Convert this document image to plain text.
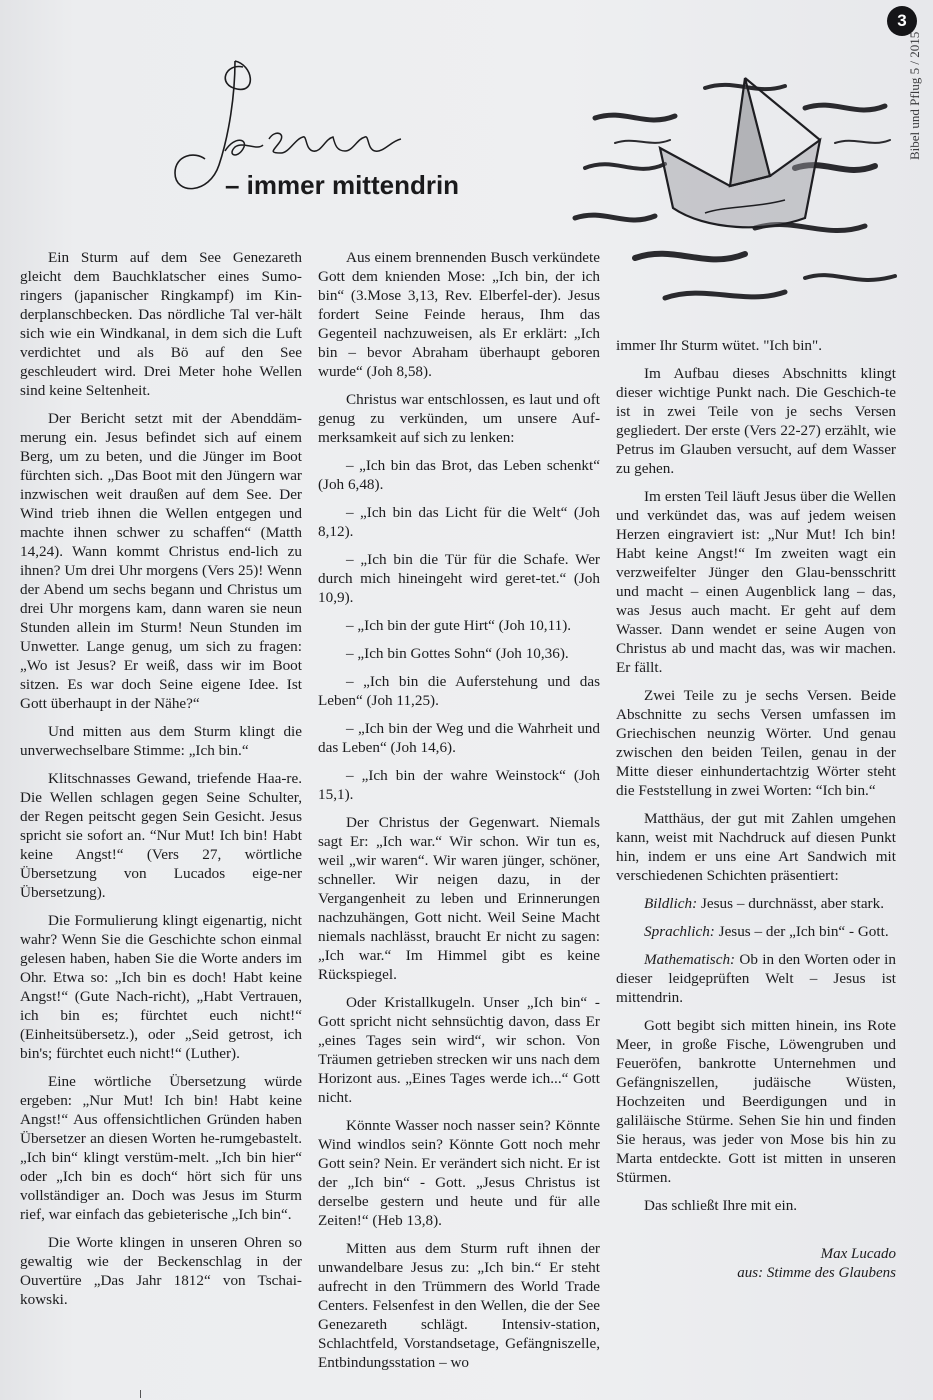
3
Bibel und Pflug 5 / 2015
– immer mittendrin

Ein Sturm auf dem See Genezareth gleicht dem Bauchklatscher eines Sumo-ringers (japanischer Ringkampf) im Kin-derplanschbecken. Das nördliche Tal ver-hält sich wie ein Windkanal, in dem sich die Luft verdichtet und als Bö auf den See geschleudert wird. Drei Meter hohe Wellen sind keine Seltenheit.

Der Bericht setzt mit der Abenddäm-merung ein. Jesus befindet sich auf einem Berg, um zu beten, und die Jünger im Boot fürchten sich. „Das Boot mit den Jüngern war inzwischen weit draußen auf dem See. Der Wind trieb ihnen die Wellen entgegen und machte ihnen schwer zu schaffen“ (Matth 14,24). Wann kommt Christus end-lich zu ihnen? Um drei Uhr morgens (Vers 25)! Wenn der Abend um sechs begann und Christus um drei Uhr morgens kam, dann waren sie neun Stunden allein im Sturm! Neun Stunden im Unwetter. Lange genug, um sich zu fragen: „Wo ist Jesus? Er weiß, dass wir im Boot sitzen. Es war doch Seine eigene Idee. Ist Gott überhaupt in der Nähe?“

Und mitten aus dem Sturm klingt die unverwechselbare Stimme: „Ich bin.“

Klitschnasses Gewand, triefende Haa-re. Die Wellen schlagen gegen Seine Schulter, der Regen peitscht gegen Sein Gesicht. Jesus spricht sie sofort an. “Nur Mut! Ich bin! Habt keine Angst!“ (Vers 27, wörtliche Übersetzung von Lucados eige-ner Übersetzung).

Die Formulierung klingt eigenartig, nicht wahr? Wenn Sie die Geschichte schon einmal gelesen haben, haben Sie die Worte anders im Ohr. Etwa so: „Ich bin es doch! Habt keine Angst!“ (Gute Nach-richt), „Habt Vertrauen, ich bin es; fürchtet euch nicht!“ (Einheitsübersetz.), oder „Seid getrost, ich bin's; fürchtet euch nicht!“ (Luther).

Eine wörtliche Übersetzung würde ergeben: „Nur Mut! Ich bin! Habt keine Angst!“ Aus offensichtlichen Gründen haben Übersetzer an diesen Worten he-rumgebastelt. „Ich bin“ klingt verstüm-melt. „Ich bin hier“ oder „Ich bin es doch“ hört sich für uns vollständiger an. Doch was Jesus im Sturm rief, war einfach das gebieterische „Ich bin“.

Die Worte klingen in unseren Ohren so gewaltig wie der Beckenschlag in der Ouvertüre „Das Jahr 1812“ von Tschai-kowski.

Aus einem brennenden Busch verkündete Gott dem knienden Mose: „Ich bin, der ich bin“ (3.Mose 3,13, Rev. Elberfel-der). Jesus fordert Seine Feinde heraus, Ihm das Gegenteil nachzuweisen, als Er erklärt: „Ich bin – bevor Abraham überhaupt geboren wurde“ (Joh 8,58).

Christus war entschlossen, es laut und oft genug zu verkünden, um unsere Auf-merksamkeit auf sich zu lenken:

– „Ich bin das Brot, das Leben schenkt“ (Joh 6,48).

– „Ich bin das Licht für die Welt“ (Joh 8,12).

– „Ich bin die Tür für die Schafe. Wer durch mich hineingeht wird geret-tet.“ (Joh 10,9).

– „Ich bin der gute Hirt“ (Joh 10,11).

– „Ich bin Gottes Sohn“ (Joh 10,36).

– „Ich bin die Auferstehung und das Leben“ (Joh 11,25).

– „Ich bin der Weg und die Wahrheit und das Leben“ (Joh 14,6).

– „Ich bin der wahre Weinstock“ (Joh 15,1).

Der Christus der Gegenwart. Niemals sagt Er: „Ich war.“ Wir schon. Wir tun es, weil „wir waren“. Wir waren jünger, schöner, schneller. Wir neigen dazu, in der Vergangenheit zu leben und Erinnerungen nachzuhängen, Gott nicht. Weil Seine Macht niemals nachlässt, braucht Er nicht zu sagen: „Ich war.“ Im Himmel gibt es keine Rückspiegel.

Oder Kristallkugeln. Unser „Ich bin“ - Gott spricht nicht sehnsüchtig davon, dass Er „eines Tages sein wird“, wir schon. Von Träumen getrieben strecken wir uns nach dem Horizont aus. „Eines Tages werde ich...“ Gott nicht.

Könnte Wasser noch nasser sein? Könnte Wind windlos sein? Könnte Gott noch mehr Gott sein? Nein. Er verändert sich nicht. Er ist der „Ich bin“ - Gott. „Jesus Christus ist derselbe gestern und heute und für alle Zeiten!“ (Heb 13,8).

Mitten aus dem Sturm ruft ihnen der unwandelbare Jesus zu: „Ich bin.“ Er steht aufrecht in den Trümmern des World Trade Centers. Felsenfest in den Wellen, die der See Genezareth schlägt. Intensiv-station, Schlachtfeld, Vorstandsetage, Gefängniszelle, Entbindungsstation – wo

immer Ihr Sturm wütet. "Ich bin".

Im Aufbau dieses Abschnitts klingt dieser wichtige Punkt nach. Die Geschich-te ist in zwei Teile von je sechs Versen gegliedert. Der erste (Vers 22-27) erzählt, wie Petrus im Glauben versucht, auf dem Wasser zu gehen.

Im ersten Teil läuft Jesus über die Wellen und verkündet das, was auf jedem weisen Herzen eingraviert ist: „Nur Mut! Ich bin! Habt keine Angst!“ Im zweiten wagt ein verzweifelter Jünger den Glau-bensschritt und macht – einen Augenblick lang – das, was Jesus auch macht. Er geht auf dem Wasser. Dann wendet er seine Augen von Christus ab und macht das, was wir machen. Er fällt.

Zwei Teile zu je sechs Versen. Beide Abschnitte zu sechs Versen umfassen im Griechischen neunzig Wörter. Und genau zwischen den beiden Teilen, genau in der Mitte dieser einhundertachtzig Wörter steht die Feststellung in zwei Worten: “Ich bin.“

Matthäus, der gut mit Zahlen umgehen kann, weist mit Nachdruck auf diesen Punkt hin, indem er uns eine Art Sandwich mit verschiedenen Schichten präsentiert:

Bildlich: Jesus – durchnässt, aber stark.

Sprachlich: Jesus – der „Ich bin“ - Gott.

Mathematisch: Ob in den Worten oder in dieser leidgeprüften Welt – Jesus ist mittendrin.

Gott begibt sich mitten hinein, ins Rote Meer, in große Fische, Löwengruben und Feueröfen, bankrotte Unternehmen und Gefängniszellen, judäische Wüsten, Hochzeiten und Beerdigungen und in galiläische Stürme. Sehen Sie hin und finden Sie heraus, was jeder von Mose bis hin zu Marta entdeckte. Gott ist mitten in unseren Stürmen.

Das schließt Ihre mit ein.

Max Lucado
aus: Stimme des Glaubens
